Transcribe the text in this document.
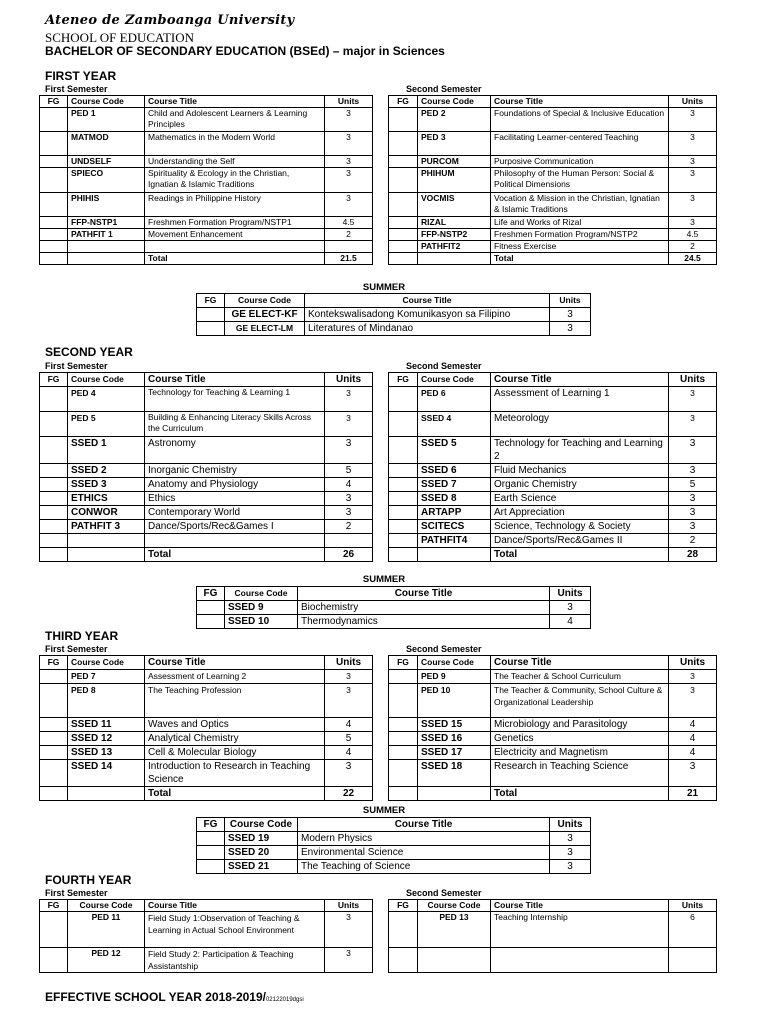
Ateneo de Zamboanga University
SCHOOL OF EDUCATION
BACHELOR OF SECONDARY EDUCATION (BSEd) – major in Sciences
FIRST YEAR
First Semester	Second Semester
FG	Course Code	Course Title	Units
	PED 1	Child and Adolescent Learners & Learning Principles	3
	MATMOD	Mathematics in the Modern World	3
	UNDSELF	Understanding the Self	3
	SPIECO	Spirituality & Ecology in the Christian, Ignatian & Islamic Traditions	3
	PHIHIS	Readings in Philippine History	3
	FFP-NSTP1	Freshmen Formation Program/NSTP1	4.5
	PATHFIT 1	Movement Enhancement	2

		Total	21.5
FG	Course Code	Course Title	Units
	PED 2	Foundations of Special & Inclusive Education	3
	PED 3	Facilitating Learner-centered Teaching	3
	PURCOM	Purposive Communication	3
	PHIHUM	Philosophy of the Human Person: Social & Political Dimensions	3
	VOCMIS	Vocation & Mission in the Christian, Ignatian & Islamic Traditions	3
	RIZAL	Life and Works of Rizal	3
	FFP-NSTP2	Freshmen Formation Program/NSTP2	4.5
	PATHFIT2	Fitness Exercise	2
		Total	24.5
SUMMER
FG	Course Code	Course Title	Units
	GE ELECT-KF	Kontekswalisadong Komunikasyon sa Filipino	3
	GE ELECT-LM	Literatures of Mindanao	3
SECOND YEAR
First Semester	Second Semester
FG	Course Code	Course Title	Units
	PED 4	Technology for Teaching & Learning 1	3
	PED 5	Building & Enhancing Literacy Skills Across the Curriculum	3
	SSED 1	Astronomy	3
	SSED 2	Inorganic Chemistry	5
	SSED 3	Anatomy and Physiology	4
	ETHICS	Ethics	3
	CONWOR	Contemporary World	3
	PATHFIT 3	Dance/Sports/Rec&Games I	2

		Total	26
FG	Course Code	Course Title	Units
	PED 6	Assessment of Learning 1	3
	SSED 4	Meteorology	3
	SSED 5	Technology for Teaching and Learning 2	3
	SSED 6	Fluid Mechanics	3
	SSED 7	Organic Chemistry	5
	SSED 8	Earth Science	3
	ARTAPP	Art Appreciation	3
	SCITECS	Science, Technology & Society	3
	PATHFIT4	Dance/Sports/Rec&Games II	2
		Total	28
SUMMER
FG	Course Code	Course Title	Units
	SSED 9	Biochemistry	3
	SSED 10	Thermodynamics	4
THIRD YEAR
First Semester	Second Semester
FG	Course Code	Course Title	Units
	PED 7	Assessment of Learning 2	3
	PED 8	The Teaching Profession	3
	SSED 11	Waves and Optics	4
	SSED 12	Analytical Chemistry	5
	SSED 13	Cell & Molecular Biology	4
	SSED 14	Introduction to Research in Teaching Science	3
		Total	22
FG	Course Code	Course Title	Units
	PED 9	The Teacher & School Curriculum	3
	PED 10	The Teacher & Community, School Culture & Organizational Leadership	3
	SSED 15	Microbiology and Parasitology	4
	SSED 16	Genetics	4
	SSED 17	Electricity and Magnetism	4
	SSED 18	Research in Teaching Science	3
		Total	21
SUMMER
FG	Course Code	Course Title	Units
	SSED 19	Modern Physics	3
	SSED 20	Environmental Science	3
	SSED 21	The Teaching of Science	3
FOURTH YEAR
First Semester	Second Semester
FG	Course Code	Course Title	Units
	PED 11	Field Study 1:Observation of Teaching & Learning in Actual School Environment	3
	PED 12	Field Study 2: Participation & Teaching Assistantship	3
FG	Course Code	Course Title	Units
	PED 13	Teaching Internship	6

EFFECTIVE SCHOOL YEAR 2018-2019/02122019dgsi
